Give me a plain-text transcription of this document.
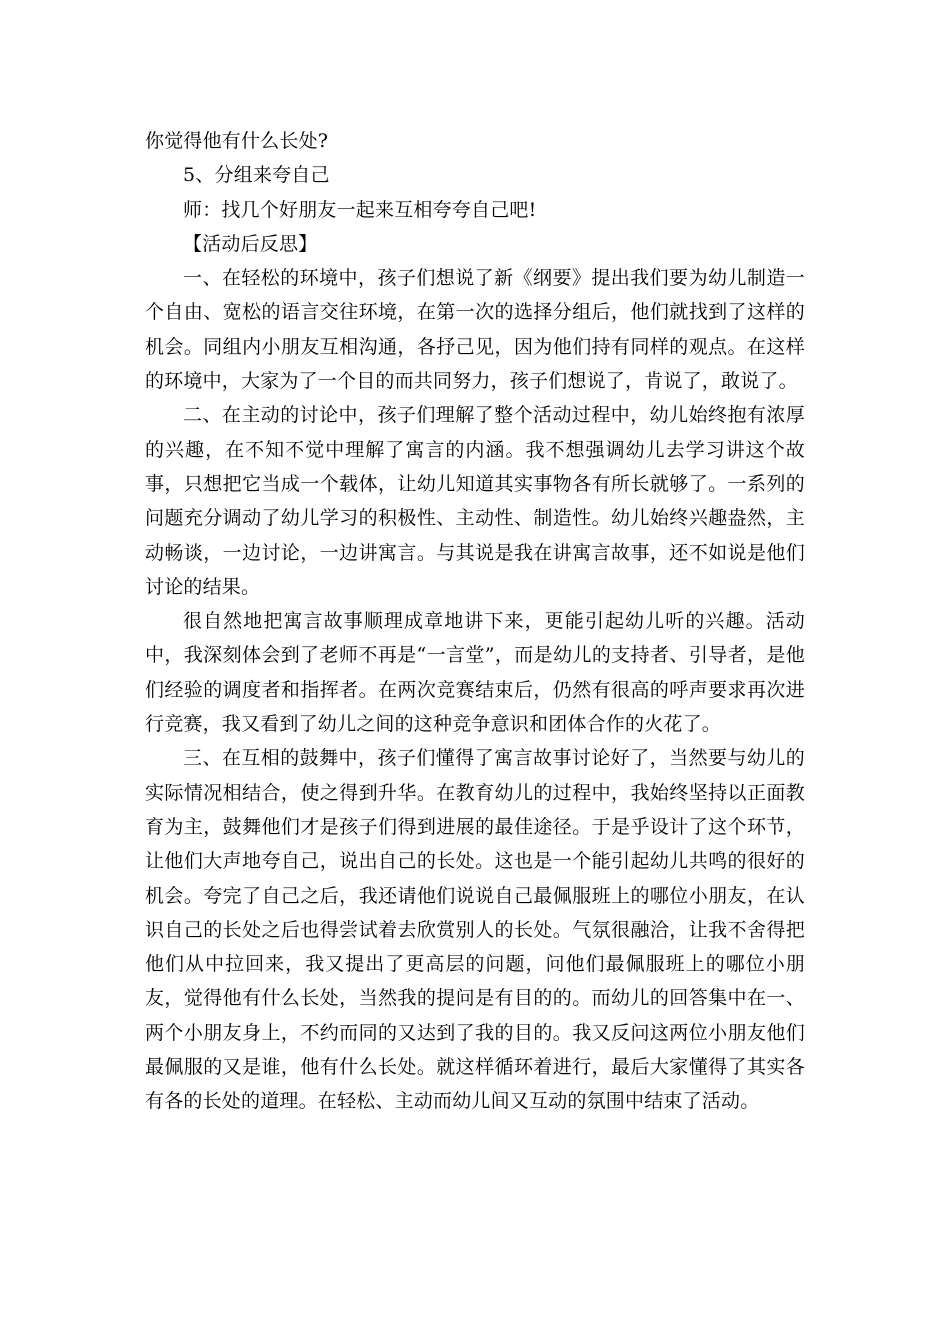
你觉得他有什么长处?

5、分组来夸自己

师：找几个好朋友一起来互相夸夸自己吧!

【活动后反思】

一、在轻松的环境中，孩子们想说了新《纲要》提出我们要为幼儿制造一个自由、宽松的语言交往环境，在第一次的选择分组后，他们就找到了这样的机会。同组内小朋友互相沟通，各抒己见，因为他们持有同样的观点。在这样的环境中，大家为了一个目的而共同努力，孩子们想说了，肯说了，敢说了。

二、在主动的讨论中，孩子们理解了整个活动过程中，幼儿始终抱有浓厚的兴趣，在不知不觉中理解了寓言的内涵。我不想强调幼儿去学习讲这个故事，只想把它当成一个载体，让幼儿知道其实事物各有所长就够了。一系列的问题充分调动了幼儿学习的积极性、主动性、制造性。幼儿始终兴趣盎然，主动畅谈，一边讨论，一边讲寓言。与其说是我在讲寓言故事，还不如说是他们讨论的结果。

很自然地把寓言故事顺理成章地讲下来，更能引起幼儿听的兴趣。活动中，我深刻体会到了老师不再是“一言堂”，而是幼儿的支持者、引导者，是他们经验的调度者和指挥者。在两次竞赛结束后，仍然有很高的呼声要求再次进行竞赛，我又看到了幼儿之间的这种竞争意识和团体合作的火花了。

三、在互相的鼓舞中，孩子们懂得了寓言故事讨论好了，当然要与幼儿的实际情况相结合，使之得到升华。在教育幼儿的过程中，我始终坚持以正面教育为主，鼓舞他们才是孩子们得到进展的最佳途径。于是乎设计了这个环节，让他们大声地夸自己，说出自己的长处。这也是一个能引起幼儿共鸣的很好的机会。夸完了自己之后，我还请他们说说自己最佩服班上的哪位小朋友，在认识自己的长处之后也得尝试着去欣赏别人的长处。气氛很融洽，让我不舍得把他们从中拉回来，我又提出了更高层的问题，问他们最佩服班上的哪位小朋友，觉得他有什么长处，当然我的提问是有目的的。而幼儿的回答集中在一、两个小朋友身上，不约而同的又达到了我的目的。我又反问这两位小朋友他们最佩服的又是谁，他有什么长处。就这样循环着进行，最后大家懂得了其实各有各的长处的道理。在轻松、主动而幼儿间又互动的氛围中结束了活动。
